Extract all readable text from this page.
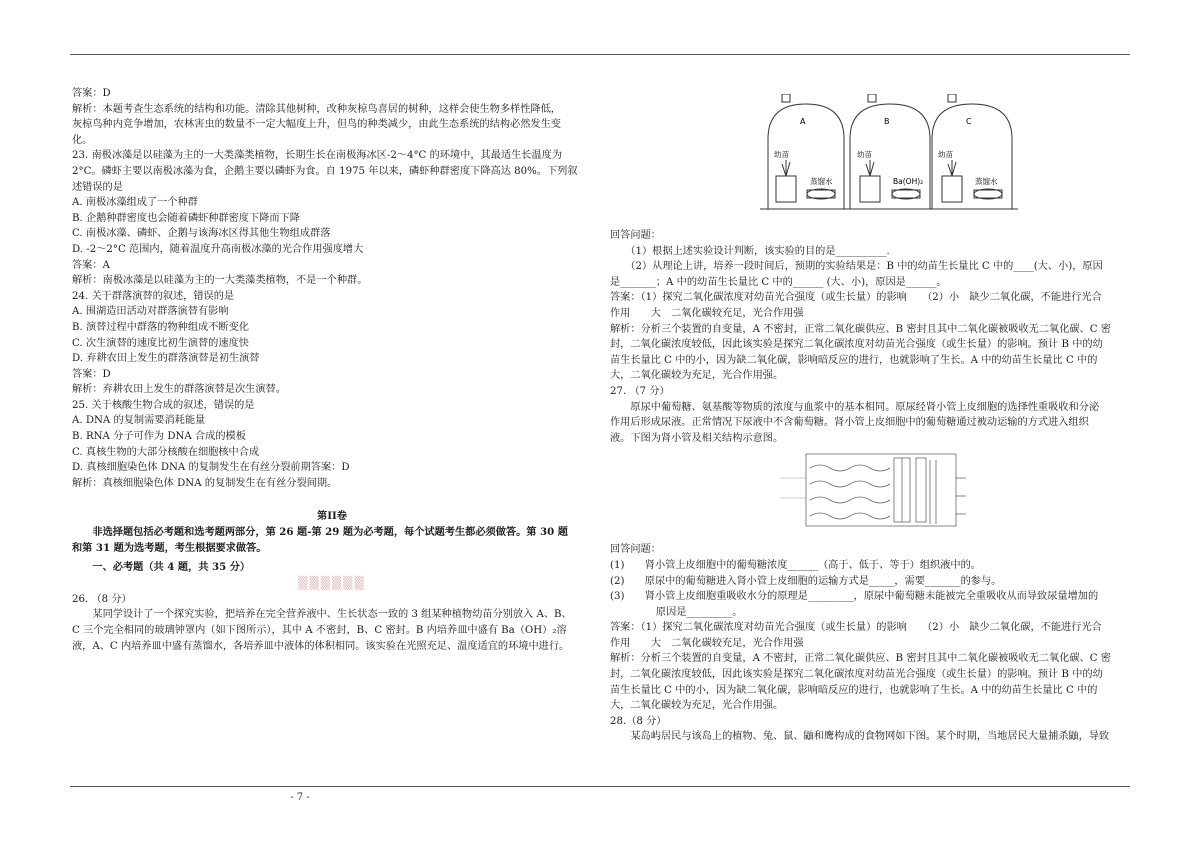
答案：D

解析：本题考查生态系统的结构和功能。清除其他树种，改种灰椋鸟喜居的树种，这样会使生物多样性降低，

灰椋鸟种内竞争增加，农林害虫的数量不一定大幅度上升，但鸟的种类减少，由此生态系统的结构必然发生变

化。

23. 南极冰藻是以硅藻为主的一大类藻类植物，长期生长在南极海冰区-2～4°C 的环境中，其最适生长温度为

2°C。磷虾主要以南极冰藻为食，企鹅主要以磷虾为食。自 1975 年以来，磷虾种群密度下降高达 80%。下列叙

述错误的是

A. 南极冰藻组成了一个种群

B. 企鹅种群密度也会随着磷虾种群密度下降而下降

C. 南极冰藻、磷虾、企鹅与该海冰区得其他生物组成群落

D. -2～2°C 范围内，随着温度升高南极冰藻的光合作用强度增大

答案：A

解析：南极冰藻是以硅藻为主的一大类藻类植物，不是一个种群。

24. 关于群落演替的叙述，错误的是

A. 围湖造田活动对群落演替有影响

B. 演替过程中群落的物种组成不断变化

C. 次生演替的速度比初生演替的速度快

D. 弃耕农田上发生的群落演替是初生演替

答案：D

解析：弃耕农田上发生的群落演替是次生演替。

25. 关于核酸生物合成的叙述，错误的是

A. DNA 的复制需要消耗能量

B. RNA 分子可作为 DNA 合成的模板

C. 真核生物的大部分核酸在细胞核中合成

D. 真核细胞染色体 DNA 的复制发生在有丝分裂前期答案：D

解析：真核细胞染色体 DNA 的复制发生在有丝分裂间期。

第II卷

非选择题包括必考题和选考题两部分，第 26 题-第 29 题为必考题，每个试题考生都必须做答。第 30 题

和第 31 题为选考题，考生根据要求做答。

一、必考题（共 4 题，共 35 分）

▒▒▒▒▒▒

26. （8 分）

某同学设计了一个探究实验，把培养在完全营养液中、生长状态一致的 3 组某种植物幼苗分别放入 A、B、

C 三个完全相同的玻璃钟罩内（如下图所示），其中 A 不密封，B、C 密封。B 内培养皿中盛有 Ba（OH）₂溶

液，A、C 内培养皿中盛有蒸馏水，各培养皿中液体的体积相同。该实验在光照充足、温度适宜的环境中进行。

A
幼苗
蒸馏水
B
幼苗
Ba(OH)₂
C
幼苗
蒸馏水

回答问题：

（1）根据上述实验设计判断，该实验的目的是__________.

（2）从理论上讲，培养一段时间后，预期的实验结果是：B 中的幼苗生长量比 C 中的____(大、小)，原因

是_______；A 中的幼苗生长量比 C 中的______ (大、小)，原因是______。

答案：（1）探究二氧化碳浓度对幼苗光合强度（或生长量）的影响　　（2）小　缺少二氧化碳，不能进行光合

作用　　大　二氧化碳较充足，光合作用强

解析：分析三个装置的自变量，A 不密封，正常二氧化碳供应、B 密封且其中二氧化碳被吸收无二氧化碳、C 密

封，二氧化碳浓度较低，因此该实验是探究二氧化碳浓度对幼苗光合强度（或生长量）的影响。预计 B 中的幼

苗生长量比 C 中的小，因为缺二氧化碳，影响暗反应的进行，也就影响了生长。A 中的幼苗生长量比 C 中的

大，二氧化碳较为充足，光合作用强。

27. （7 分）

原尿中葡萄糖、氨基酸等物质的浓度与血浆中的基本相同。原尿经肾小管上皮细胞的选择性重吸收和分泌

作用后形成尿液。正常情况下尿液中不含葡萄糖。肾小管上皮细胞中的葡萄糖通过被动运输的方式进入组织

液。下图为肾小管及相关结构示意图。

回答问题：

(1)　　肾小管上皮细胞中的葡萄糖浓度______（高于、低于、等于）组织液中的。

(2)　　原尿中的葡萄糖进入肾小管上皮细胞的运输方式是_____，需要_______的参与。

(3)　　肾小管上皮细胞重吸收水分的原理是_________，原尿中葡萄糖未能被完全重吸收从而导致尿量增加的

原因是_________。

答案：（1）探究二氧化碳浓度对幼苗光合强度（或生长量）的影响　　（2）小　缺少二氧化碳，不能进行光合

作用　　大　二氧化碳较充足，光合作用强

解析：分析三个装置的自变量，A 不密封，正常二氧化碳供应、B 密封且其中二氧化碳被吸收无二氧化碳、C 密

封，二氧化碳浓度较低，因此该实验是探究二氧化碳浓度对幼苗光合强度（或生长量）的影响。预计 B 中的幼

苗生长量比 C 中的小，因为缺二氧化碳，影响暗反应的进行，也就影响了生长。A 中的幼苗生长量比 C 中的

大，二氧化碳较为充足，光合作用强。

28.（8 分）

某岛屿居民与该岛上的植物、兔、鼠、鼬和鹰构成的食物网如下图。某个时期，当地居民大量捕杀鼬，导致

- 7 -
